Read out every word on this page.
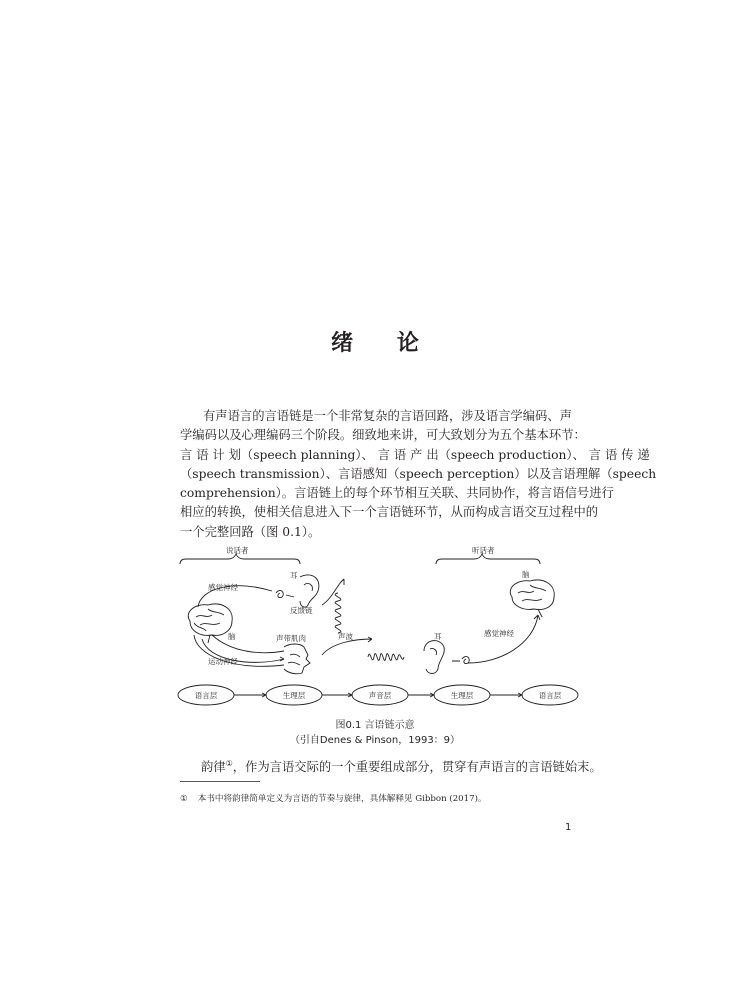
绪 论
有声语言的言语链是一个非常复杂的言语回路，涉及语言学编码、声
学编码以及心理编码三个阶段。细致地来讲，可大致划分为五个基本环节：
言 语 计 划（speech planning）、 言 语 产 出（speech production）、 言 语 传 递
（speech transmission）、言语感知（speech perception）以及言语理解（speech
comprehension）。言语链上的每个环节相互关联、共同协作，将言语信号进行
相应的转换，使相关信息进入下一个言语链环节，从而构成言语交互过程中的
一个完整回路（图 0.1）。
说话者	听话者
脑
耳
感觉神经
反馈链
声带肌肉
运动神经
声波	耳
脑
感觉神经
语言层	生理层	声音层	生理层	语言层
图0.1 言语链示意
（引自Denes & Pinson，1993：9）
韵律①，作为言语交际的一个重要组成部分，贯穿有声语言的言语链始末。
① 本书中将韵律简单定义为言语的节奏与旋律，具体解释见 Gibbon (2017)。
1
